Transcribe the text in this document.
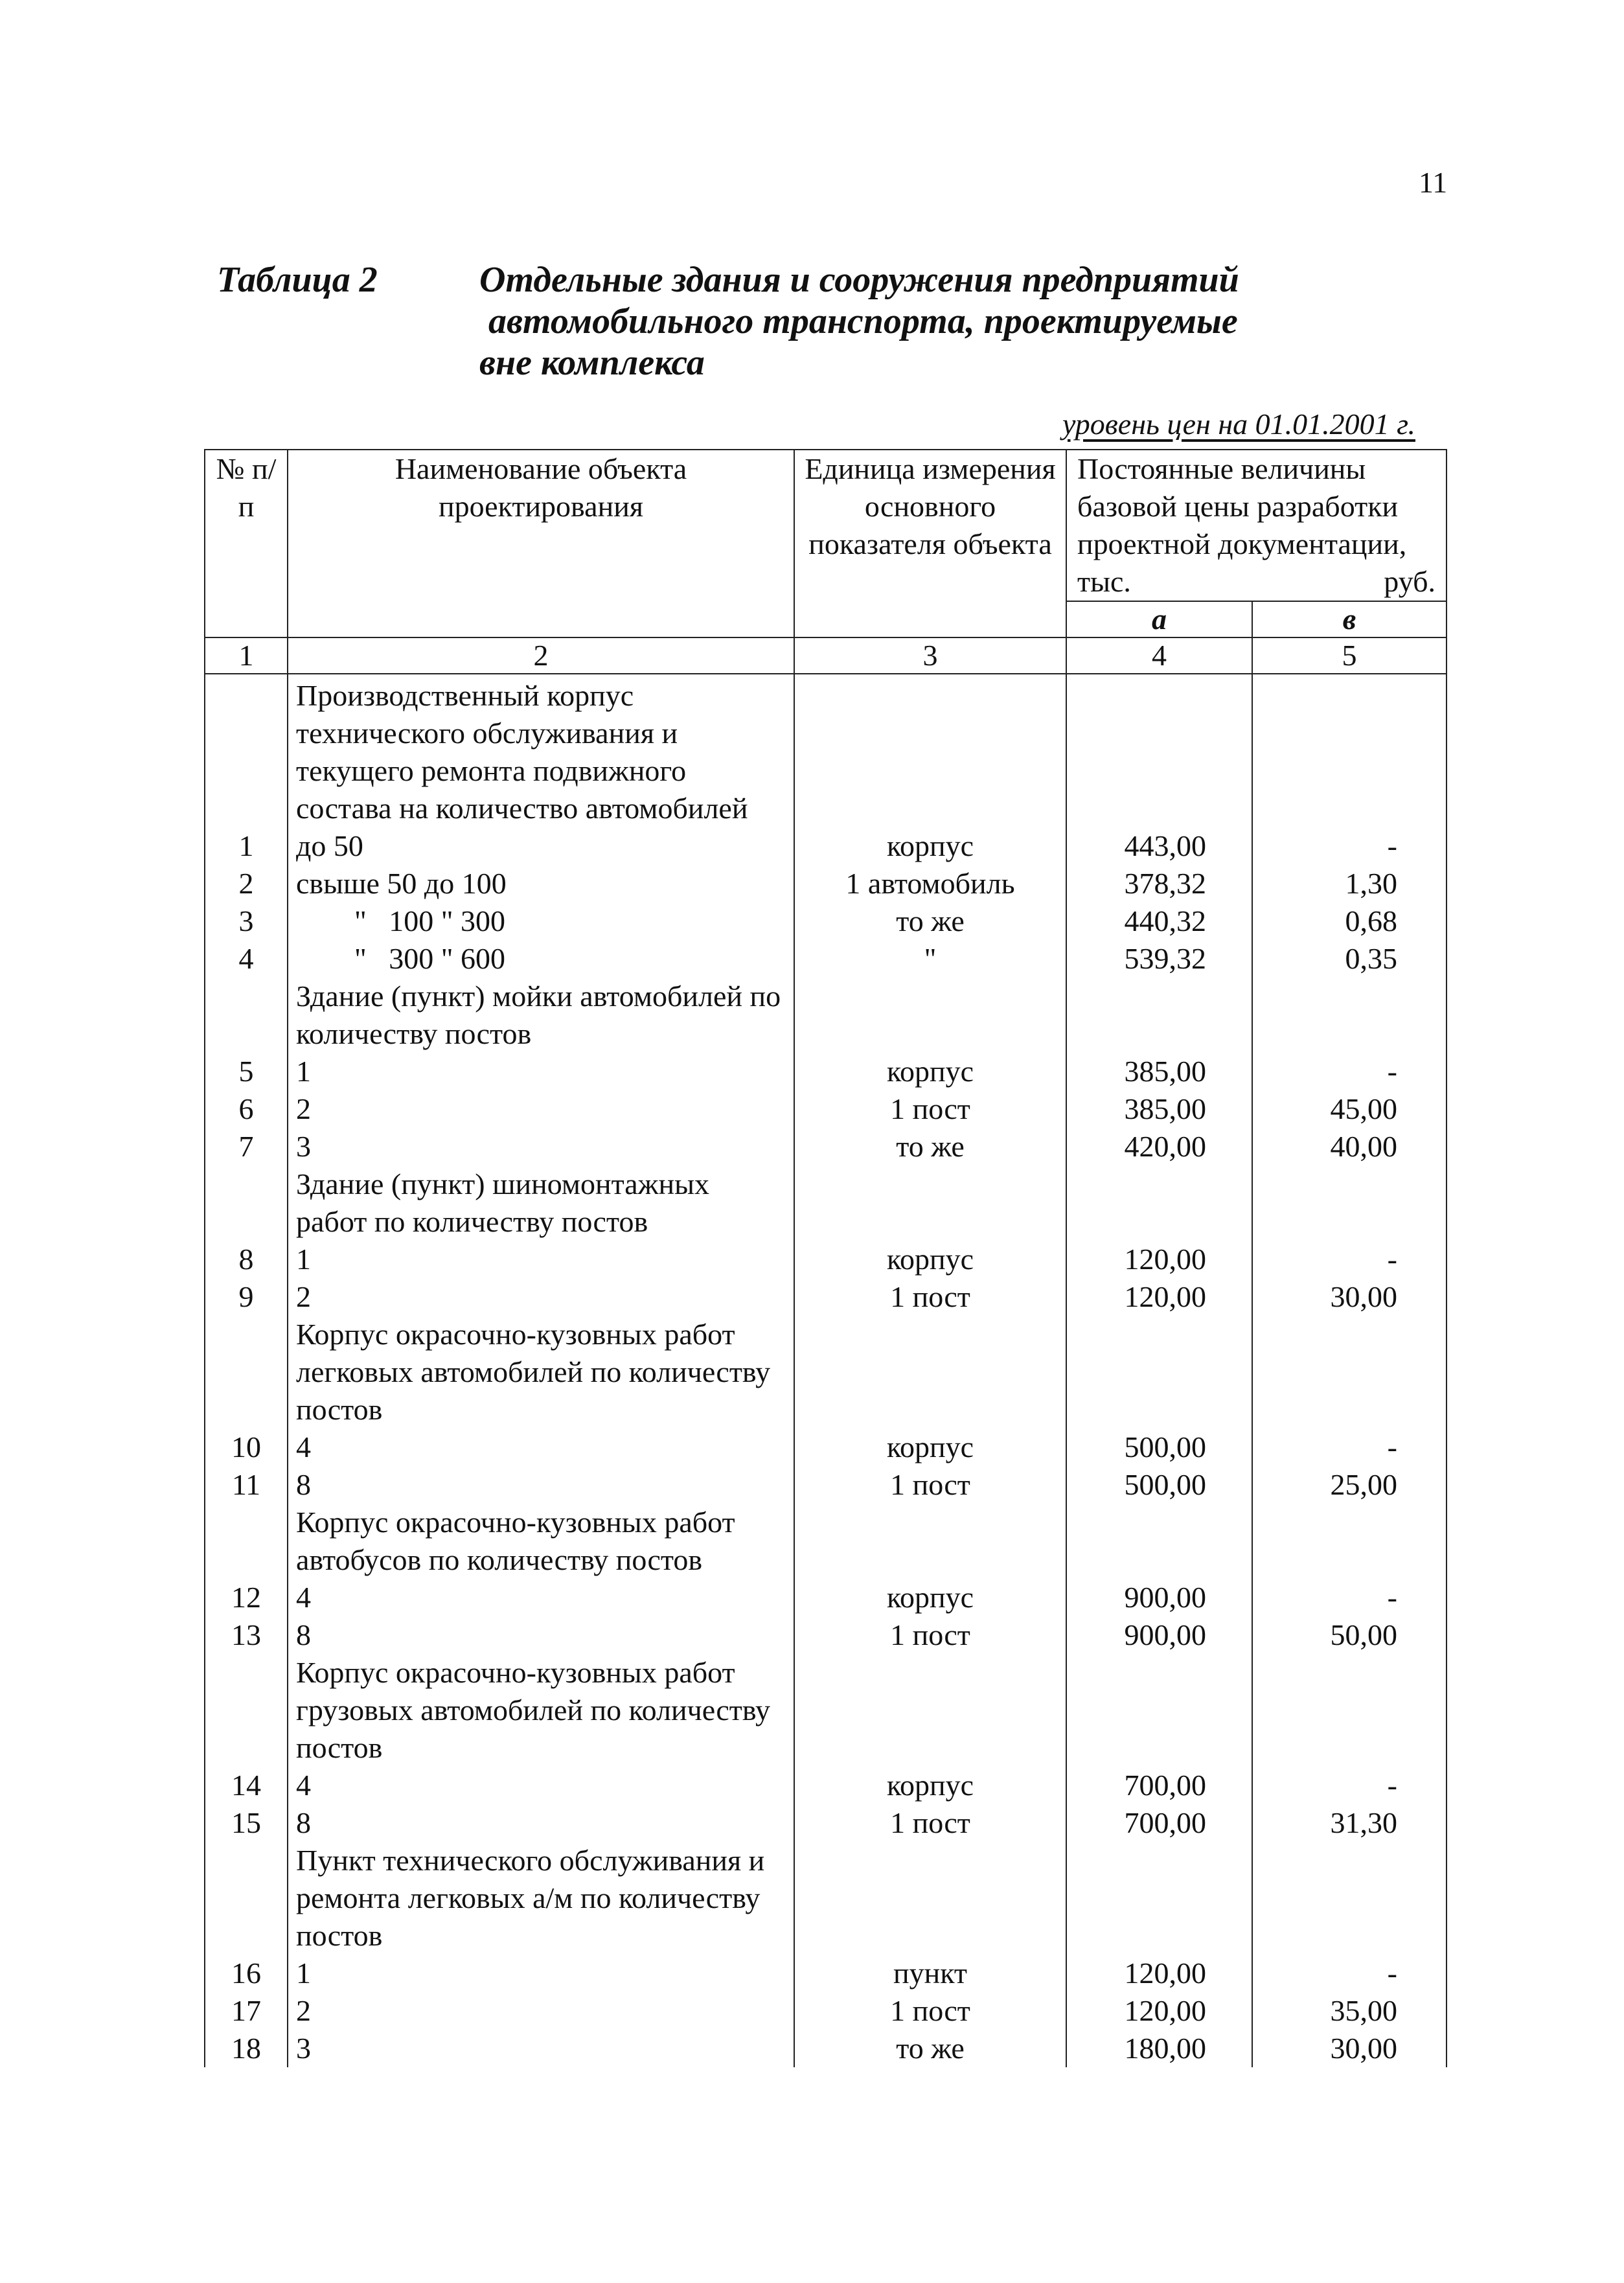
11
Таблица 2	Отдельные здания и сооружения предприятий
автомобильного транспорта, проектируемые
вне комплекса
уровень цен на 01.01.2001 г.
№ п/п	Наименование объекта проектирования	Единица измерения основного показателя объекта	Постоянные величины базовой цены разработки проектной документации, тыс. руб.	
			а	в
1	2	3	4	5
	Производственный корпус технического обслуживания и текущего ремонта подвижного состава на количество автомобилей			
1	до 50	корпус	443,00	-
2	свыше 50 до 100	1 автомобиль	378,32	1,30
3	"   100 " 300	то же	440,32	0,68
4	"   300 " 600	"	539,32	0,35
	Здание (пункт) мойки автомобилей по количеству постов			
5	1	корпус	385,00	-
6	2	1 пост	385,00	45,00
7	3	то же	420,00	40,00
	Здание (пункт) шиномонтажных работ по количеству постов			
8	1	корпус	120,00	-
9	2	1 пост	120,00	30,00
	Корпус окрасочно-кузовных работ легковых автомобилей по количеству постов			
10	4	корпус	500,00	-
11	8	1 пост	500,00	25,00
	Корпус окрасочно-кузовных работ автобусов по количеству постов			
12	4	корпус	900,00	-
13	8	1 пост	900,00	50,00
	Корпус окрасочно-кузовных работ грузовых автомобилей по количеству постов			
14	4	корпус	700,00	-
15	8	1 пост	700,00	31,30
	Пункт технического обслуживания и ремонта легковых а/м по количеству постов			
16	1	пункт	120,00	-
17	2	1 пост	120,00	35,00
18	3	то же	180,00	30,00
